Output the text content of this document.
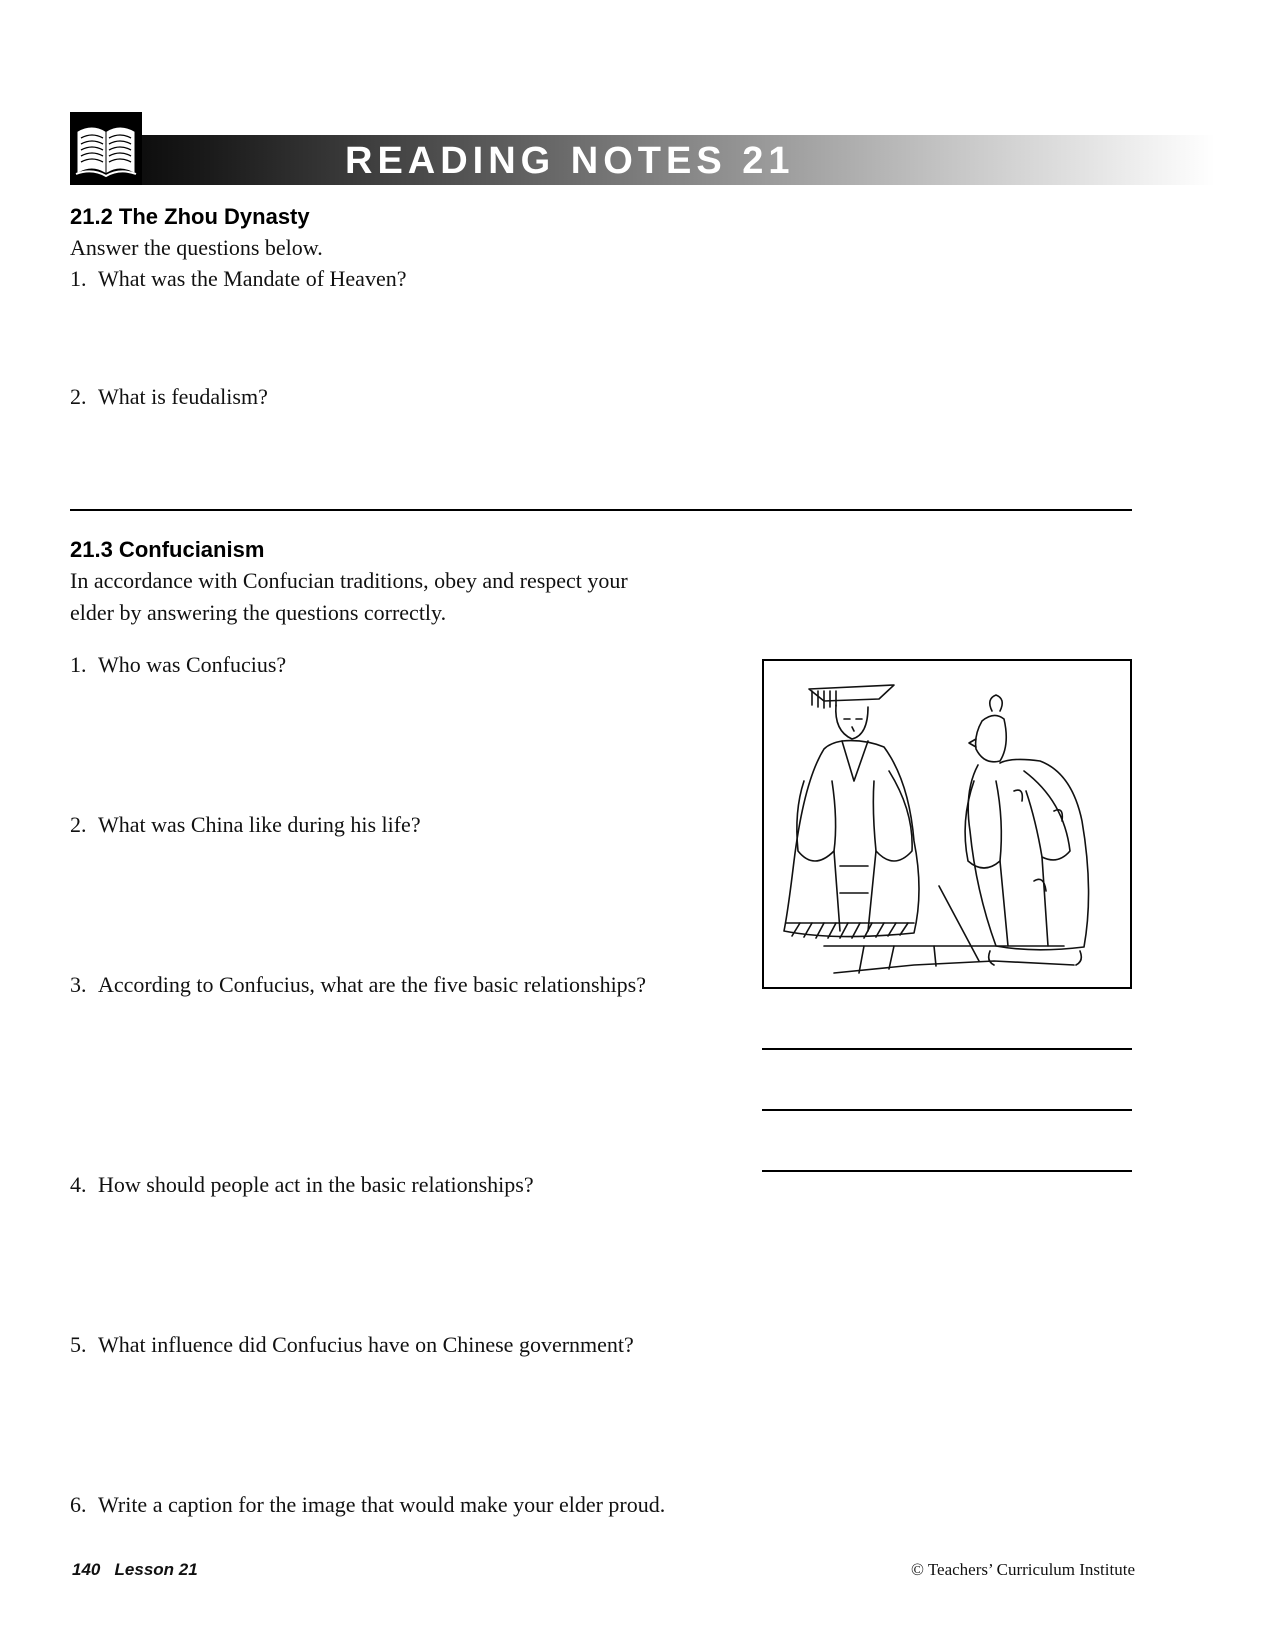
READING NOTES 21
21.2 The Zhou Dynasty
Answer the questions below.
1. What was the Mandate of Heaven?
2. What is feudalism?
21.3 Confucianism
In accordance with Confucian traditions, obey and respect your
elder by answering the questions correctly.
1. Who was Confucius?
2. What was China like during his life?
3. According to Confucius, what are the five basic relationships?
4. How should people act in the basic relationships?
5. What influence did Confucius have on Chinese government?
6. Write a caption for the image that would make your elder proud.
140   Lesson 21	© Teachers’ Curriculum Institute
